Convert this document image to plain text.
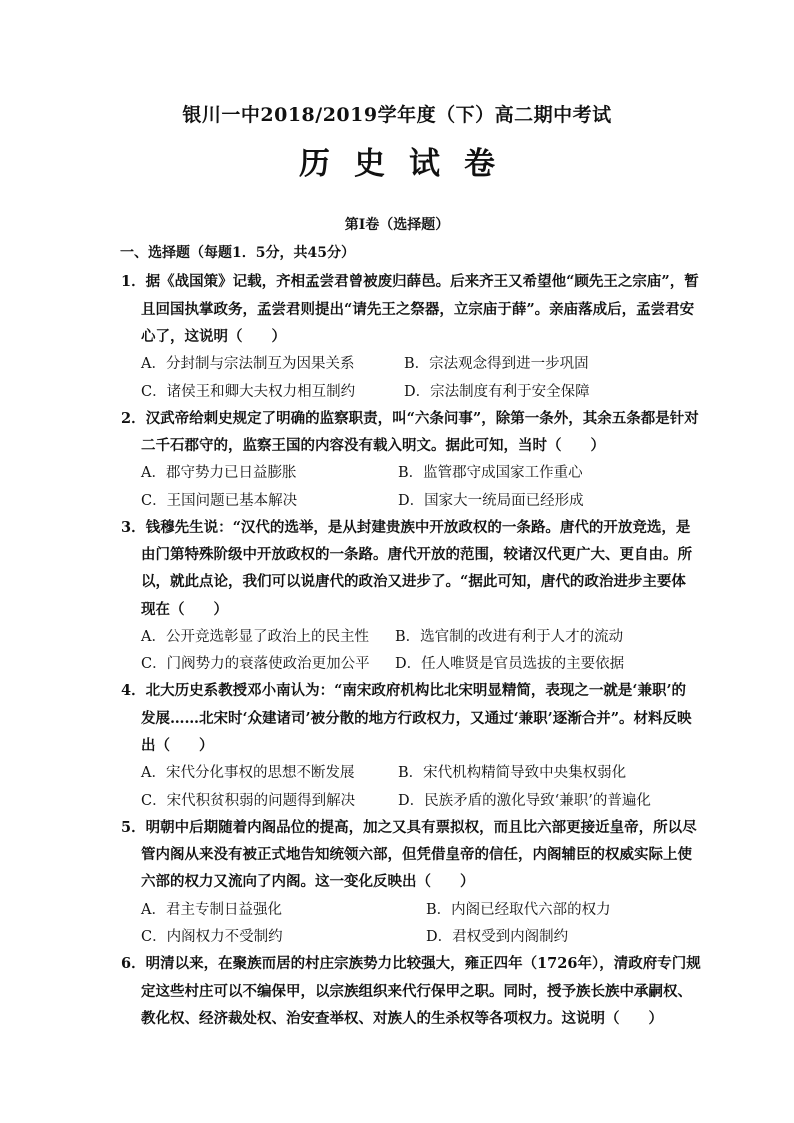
银川一中2018/2019学年度（下）高二期中考试
历史试卷
第Ⅰ卷（选择题）
一、选择题（每题1．5分，共45分）
1．据《战国策》记载，齐相孟尝君曾被废归薛邑。后来齐王又希望他“顾先王之宗庙”，暂
且回国执掌政务，孟尝君则提出“请先王之祭器，立宗庙于薛”。亲庙落成后，孟尝君安
心了，这说明（　　）
A．分封制与宗法制互为因果关系	B．宗法观念得到进一步巩固
C．诸侯王和卿大夫权力相互制约	D．宗法制度有利于安全保障
2．汉武帝给刺史规定了明确的监察职责，叫“六条问事”，除第一条外，其余五条都是针对
二千石郡守的，监察王国的内容没有载入明文。据此可知，当时（　　）
A．郡守势力已日益膨胀	B．监管郡守成国家工作重心
C．王国问题已基本解决	D．国家大一统局面已经形成
3．钱穆先生说：“汉代的选举，是从封建贵族中开放政权的一条路。唐代的开放竞选，是
由门第特殊阶级中开放政权的一条路。唐代开放的范围，较诸汉代更广大、更自由。所
以，就此点论，我们可以说唐代的政治又进步了。“据此可知，唐代的政治进步主要体
现在（　　）
A．公开竞选彰显了政治上的民主性 B．选官制的改进有利于人才的流动
C．门阀势力的衰落使政治更加公平 D．任人唯贤是官员选拔的主要依据
4．北大历史系教授邓小南认为：“南宋政府机构比北宋明显精简，表现之一就是‘兼职’的
发展……北宋时‘众建诸司’被分散的地方行政权力，又通过‘兼职’逐渐合并”。材料反映
出（　　）
A．宋代分化事权的思想不断发展	B．宋代机构精简导致中央集权弱化
C．宋代积贫积弱的问题得到解决	D．民族矛盾的激化导致‘兼职’的普遍化
5．明朝中后期随着内阁品位的提高，加之又具有票拟权，而且比六部更接近皇帝，所以尽
管内阁从来没有被正式地告知统领六部，但凭借皇帝的信任，内阁辅臣的权威实际上使
六部的权力又流向了内阁。这一变化反映出（　　）
A．君主专制日益强化	B．内阁已经取代六部的权力
C．内阁权力不受制约	D．君权受到内阁制约
6．明清以来，在聚族而居的村庄宗族势力比较强大，雍正四年（1726年），清政府专门规
定这些村庄可以不编保甲，以宗族组织来代行保甲之职。同时，授予族长族中承嗣权、
教化权、经济裁处权、治安查举权、对族人的生杀权等各项权力。这说明（　　）
